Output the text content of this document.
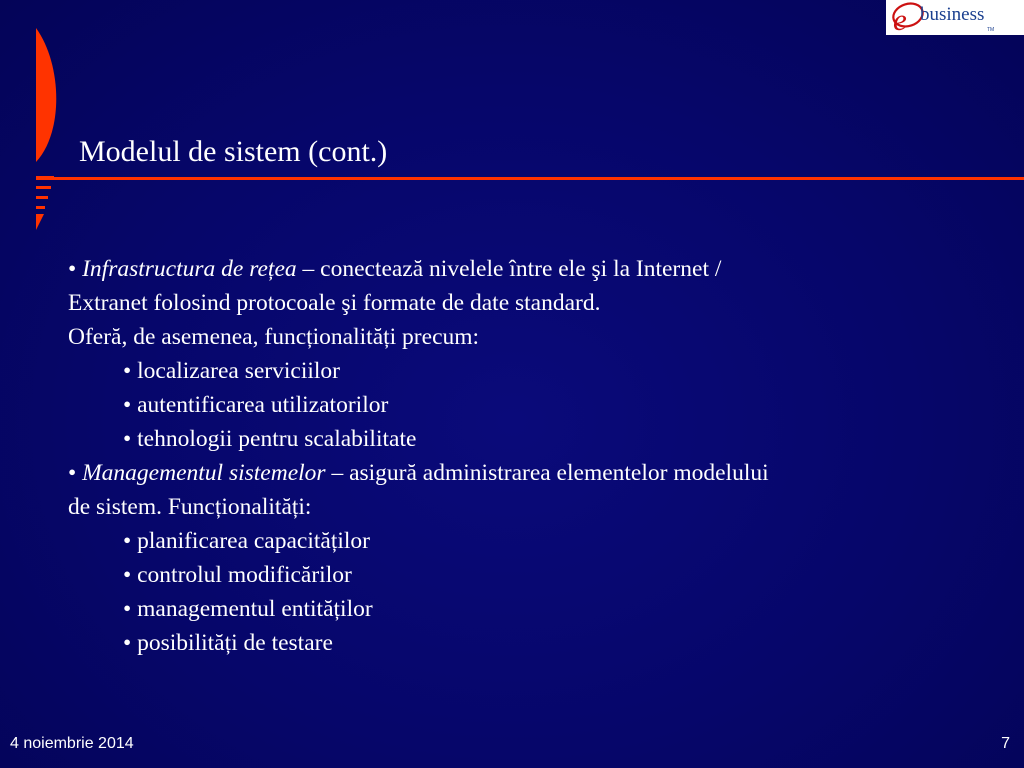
e business
TM
Modelul de sistem (cont.)
• Infrastructura de rețea – conectează nivelele între ele şi la Internet /
Extranet folosind protocoale şi formate de date standard.
Oferă, de asemenea, funcționalități precum:
• localizarea serviciilor
• autentificarea utilizatorilor
• tehnologii pentru scalabilitate
• Managementul sistemelor – asigură administrarea elementelor modelului
de sistem. Funcționalități:
• planificarea capacităților
• controlul modificărilor
• managementul entităților
• posibilități de testare
4 noiembrie 2014	7
